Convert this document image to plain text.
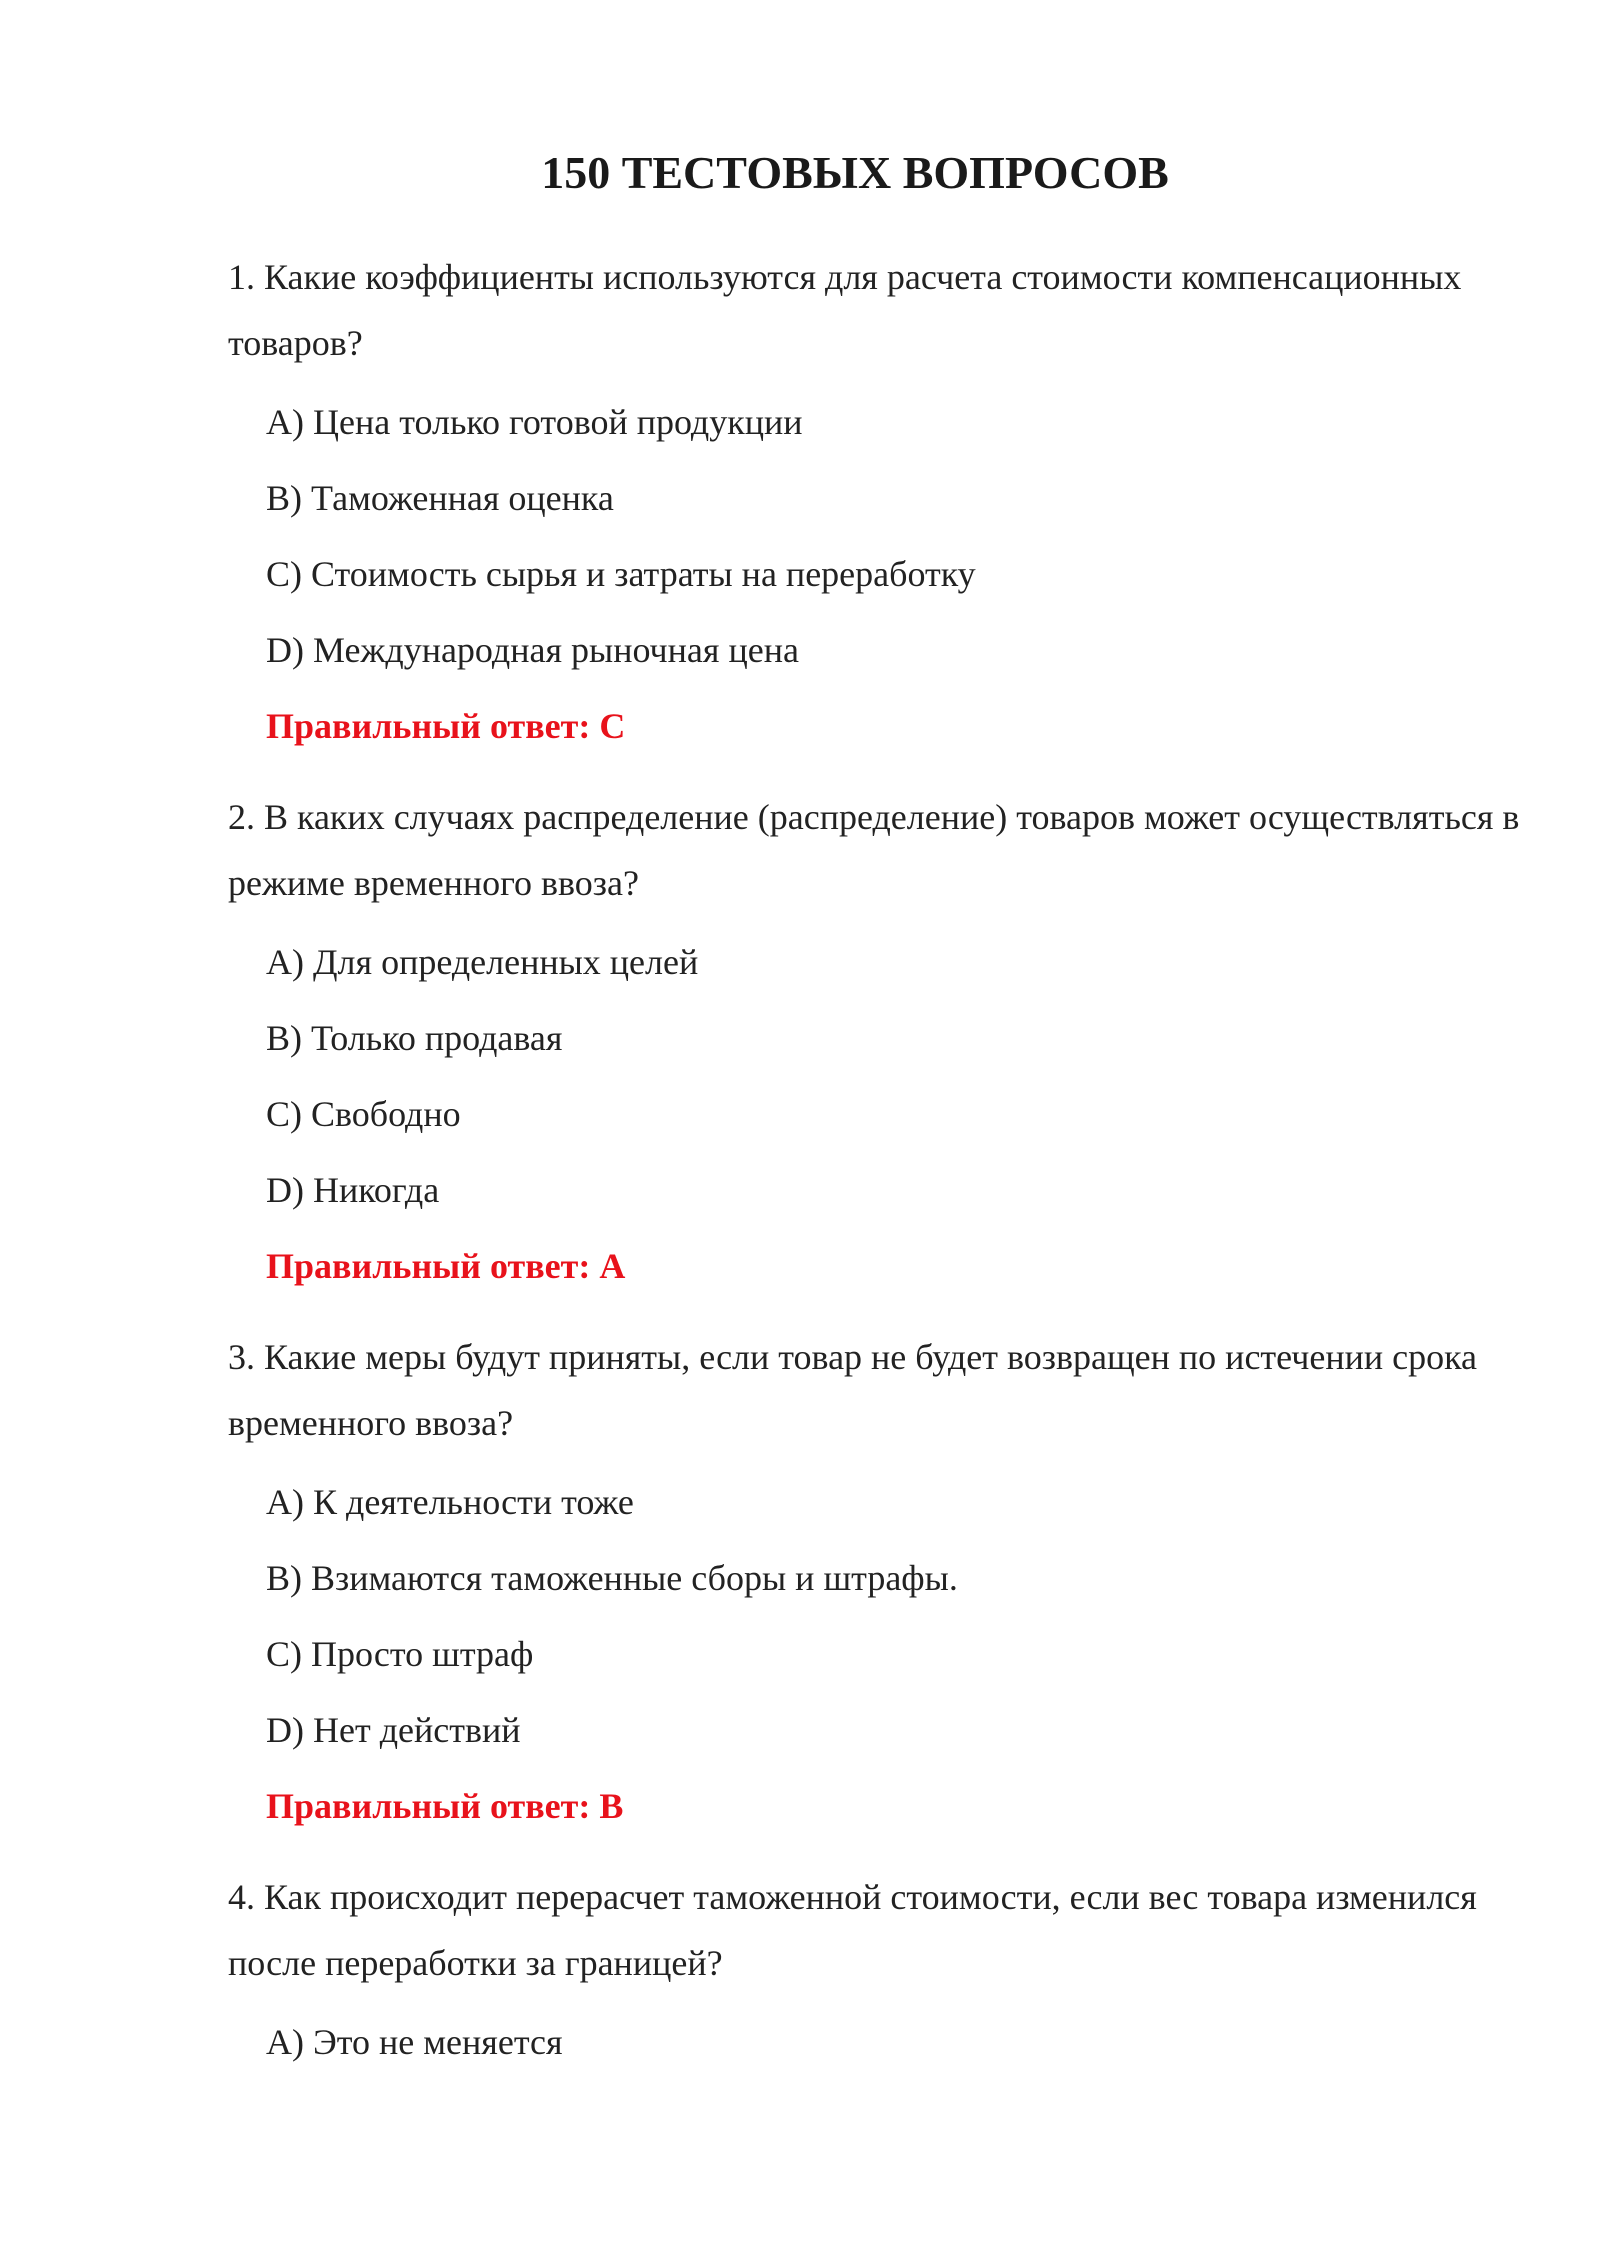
150 ТЕСТОВЫХ ВОПРОСОВ

1. Какие коэффициенты используются для расчета стоимости компенсационных товаров?

A) Цена только готовой продукции

B) Таможенная оценка

C) Стоимость сырья и затраты на переработку

D) Международная рыночная цена

Правильный ответ: C

2. В каких случаях распределение (распределение) товаров может осуществляться в режиме временного ввоза?

A) Для определенных целей

B) Только продавая

C) Свободно

D) Никогда

Правильный ответ: A

3. Какие меры будут приняты, если товар не будет возвращен по истечении срока временного ввоза?

A) К деятельности тоже

B) Взимаются таможенные сборы и штрафы.

C) Просто штраф

D) Нет действий

Правильный ответ: B

4. Как происходит перерасчет таможенной стоимости, если вес товара изменился после переработки за границей?

A) Это не меняется
